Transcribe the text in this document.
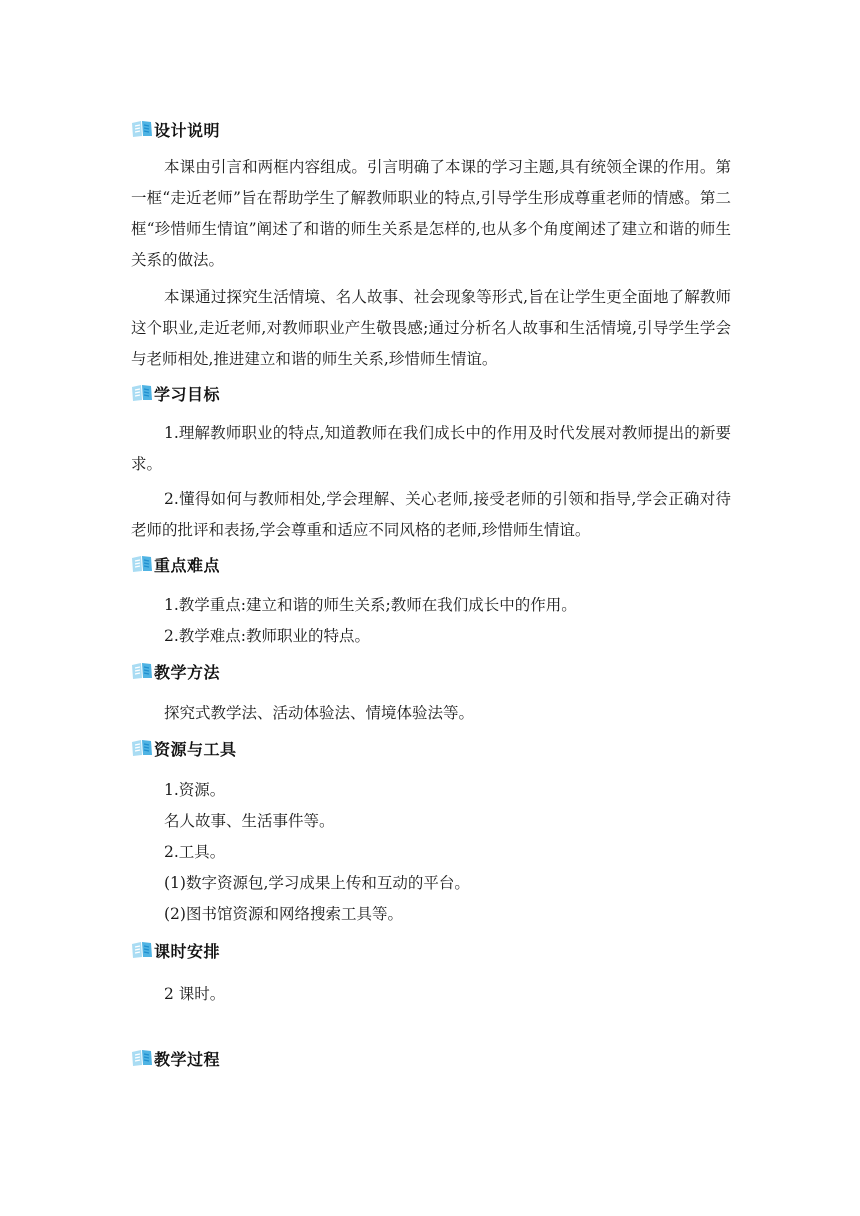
设计说明

本课由引言和两框内容组成。引言明确了本课的学习主题,具有统领全课的作用。第一框“走近老师”旨在帮助学生了解教师职业的特点,引导学生形成尊重老师的情感。第二框“珍惜师生情谊”阐述了和谐的师生关系是怎样的,也从多个角度阐述了建立和谐的师生关系的做法。

本课通过探究生活情境、名人故事、社会现象等形式,旨在让学生更全面地了解教师这个职业,走近老师,对教师职业产生敬畏感;通过分析名人故事和生活情境,引导学生学会与老师相处,推进建立和谐的师生关系,珍惜师生情谊。

学习目标

1.理解教师职业的特点,知道教师在我们成长中的作用及时代发展对教师提出的新要求。

2.懂得如何与教师相处,学会理解、关心老师,接受老师的引领和指导,学会正确对待老师的批评和表扬,学会尊重和适应不同风格的老师,珍惜师生情谊。

重点难点

1.教学重点:建立和谐的师生关系;教师在我们成长中的作用。

2.教学难点:教师职业的特点。

教学方法

探究式教学法、活动体验法、情境体验法等。

资源与工具

1.资源。

名人故事、生活事件等。

2.工具。

(1)数字资源包,学习成果上传和互动的平台。

(2)图书馆资源和网络搜索工具等。

课时安排

2 课时。

教学过程
